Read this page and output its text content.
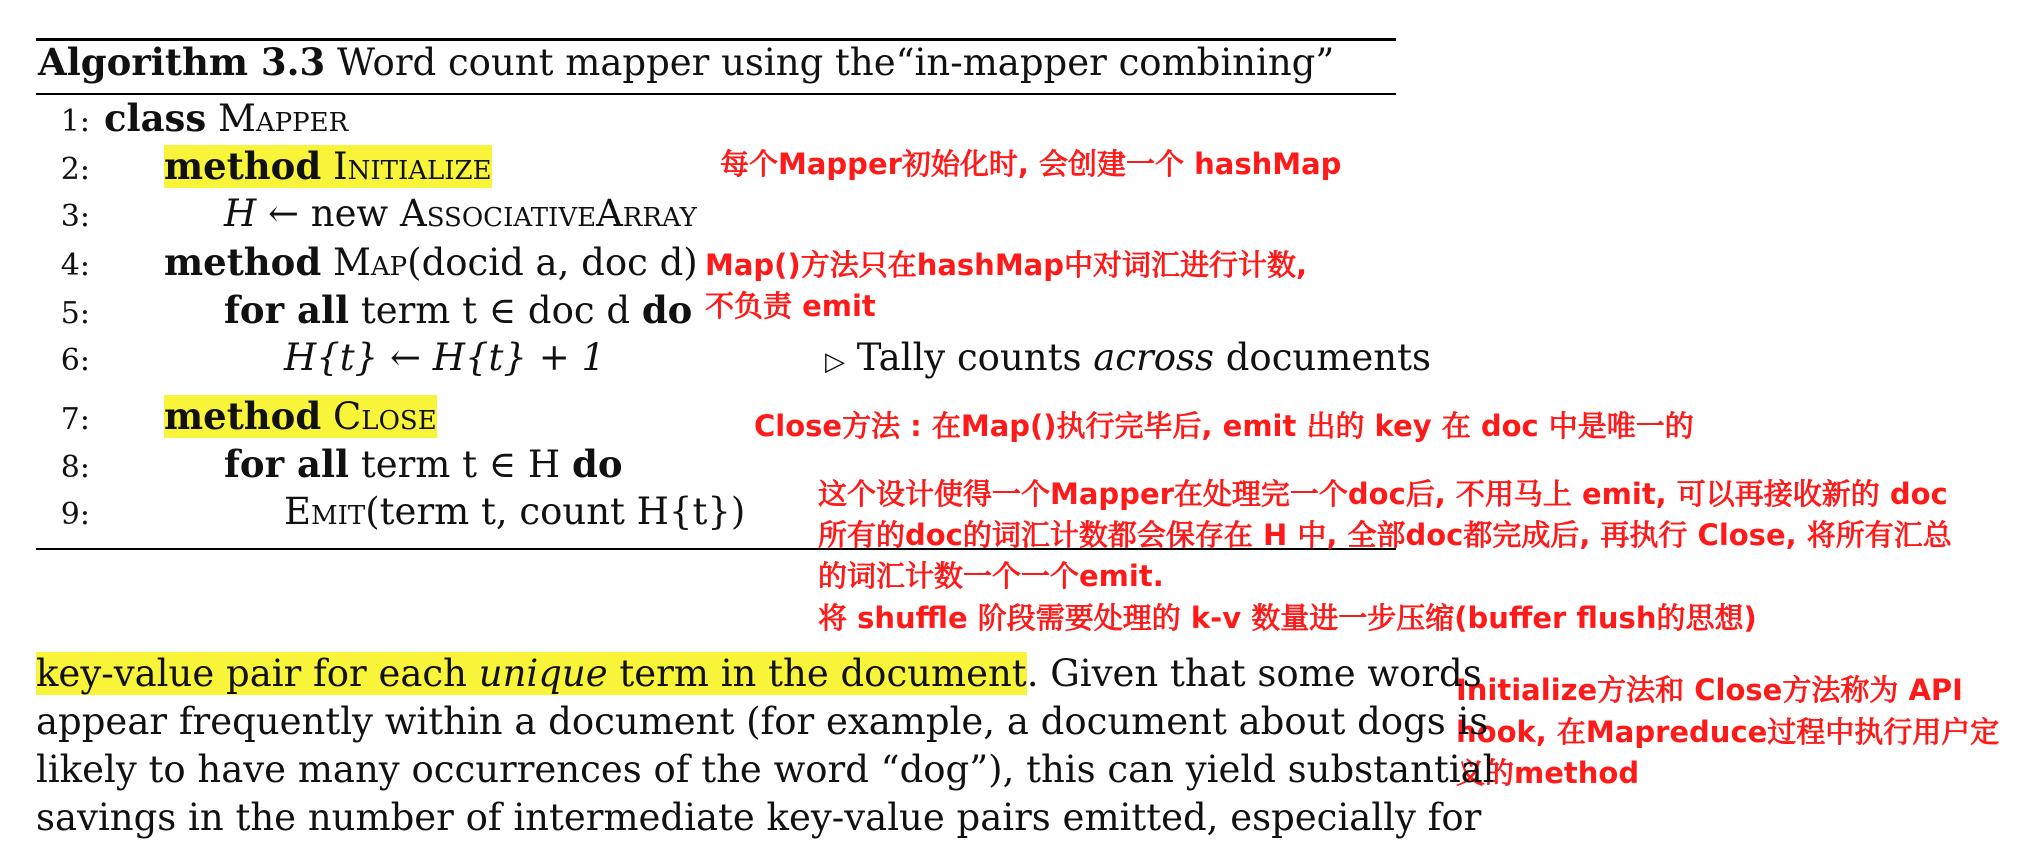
Algorithm 3.3 Word count mapper using the“in-mapper combining”
1: class Mapper
2: method Initialize
3:	H ← new AssociativeArray
4: method Map(docid a, doc d)
5:	for all term t ∈ doc d do
6:	H{t} ← H{t} + 1	▷ Tally counts across documents
7: method Close
8:	for all term t ∈ H do
9:	Emit(term t, count H{t})
每个Mapper初始化时, 会创建一个 hashMap
Map()方法只在hashMap中对词汇进行计数,
不负责 emit
Close方法 : 在Map()执行完毕后, emit 出的 key 在 doc 中是唯一的
这个设计使得一个Mapper在处理完一个doc后, 不用马上 emit, 可以再接收新的 doc
所有的doc的词汇计数都会保存在 H 中, 全部doc都完成后, 再执行 Close, 将所有汇总
的词汇计数一个一个emit.
将 shuffle 阶段需要处理的 k-v 数量进一步压缩(buffer flush的思想)
Initialize方法和 Close方法称为 API
hook, 在Mapreduce过程中执行用户定
义的method
key-value pair for each unique term in the document. Given that some words
appear frequently within a document (for example, a document about dogs is
likely to have many occurrences of the word “dog”), this can yield substantial
savings in the number of intermediate key-value pairs emitted, especially for
